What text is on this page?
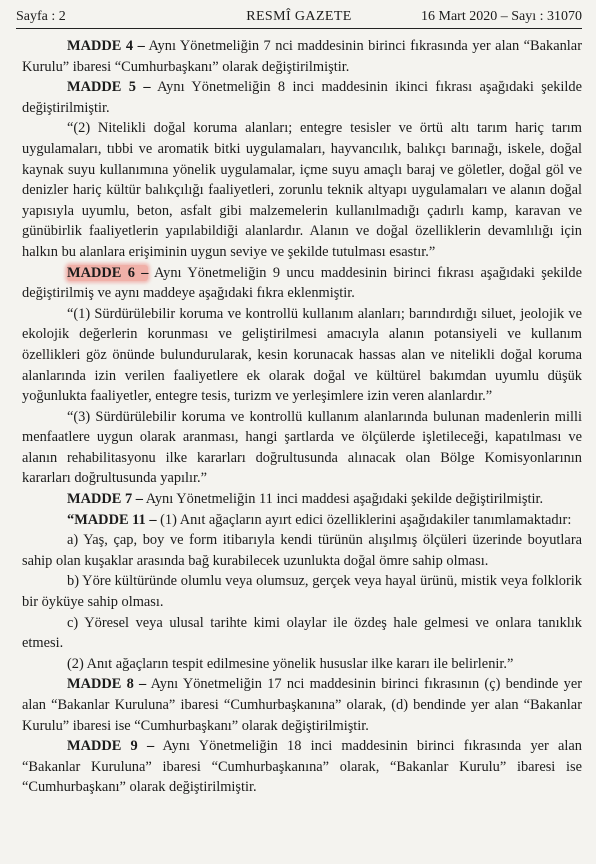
Sayfa : 2	RESMÎ GAZETE	16 Mart 2020 – Sayı : 31070

MADDE 4 – Aynı Yönetmeliğin 7 nci maddesinin birinci fıkrasında yer alan “Bakanlar Kurulu” ibaresi “Cumhurbaşkanı” olarak değiştirilmiştir.

MADDE 5 – Aynı Yönetmeliğin 8 inci maddesinin ikinci fıkrası aşağıdaki şekilde değiştirilmiştir.

“(2) Nitelikli doğal koruma alanları; entegre tesisler ve örtü altı tarım hariç tarım uygulamaları, tıbbi ve aromatik bitki uygulamaları, hayvancılık, balıkçı barınağı, iskele, doğal kaynak suyu kullanımına yönelik uygulamalar, içme suyu amaçlı baraj ve göletler, doğal göl ve denizler hariç kültür balıkçılığı faaliyetleri, zorunlu teknik altyapı uygulamaları ve alanın doğal yapısıyla uyumlu, beton, asfalt gibi malzemelerin kullanılmadığı çadırlı kamp, karavan ve günübirlik faaliyetlerin yapılabildiği alanlardır. Alanın ve doğal özelliklerin devamlılığı için halkın bu alanlara erişiminin uygun seviye ve şekilde tutulması esastır.”

MADDE 6 – Aynı Yönetmeliğin 9 uncu maddesinin birinci fıkrası aşağıdaki şekilde değiştirilmiş ve aynı maddeye aşağıdaki fıkra eklenmiştir.

“(1) Sürdürülebilir koruma ve kontrollü kullanım alanları; barındırdığı siluet, jeolojik ve ekolojik değerlerin korunması ve geliştirilmesi amacıyla alanın potansiyeli ve kullanım özellikleri göz önünde bulundurularak, kesin korunacak hassas alan ve nitelikli doğal koruma alanlarında izin verilen faaliyetlere ek olarak doğal ve kültürel bakımdan uyumlu düşük yoğunlukta faaliyetler, entegre tesis, turizm ve yerleşimlere izin veren alanlardır.”

“(3) Sürdürülebilir koruma ve kontrollü kullanım alanlarında bulunan madenlerin milli menfaatlere uygun olarak aranması, hangi şartlarda ve ölçülerde işletileceği, kapatılması ve alanın rehabilitasyonu ilke kararları doğrultusunda alınacak olan Bölge Komisyonlarının kararları doğrultusunda yapılır.”

MADDE 7 – Aynı Yönetmeliğin 11 inci maddesi aşağıdaki şekilde değiştirilmiştir.

“MADDE 11 – (1) Anıt ağaçların ayırt edici özelliklerini aşağıdakiler tanımlamaktadır:

a) Yaş, çap, boy ve form itibarıyla kendi türünün alışılmış ölçüleri üzerinde boyutlara sahip olan kuşaklar arasında bağ kurabilecek uzunlukta doğal ömre sahip olması.

b) Yöre kültüründe olumlu veya olumsuz, gerçek veya hayal ürünü, mistik veya folklorik bir öyküye sahip olması.

c) Yöresel veya ulusal tarihte kimi olaylar ile özdeş hale gelmesi ve onlara tanıklık etmesi.

(2) Anıt ağaçların tespit edilmesine yönelik hususlar ilke kararı ile belirlenir.”

MADDE 8 – Aynı Yönetmeliğin 17 nci maddesinin birinci fıkrasının (ç) bendinde yer alan “Bakanlar Kuruluna” ibaresi “Cumhurbaşkanına” olarak, (d) bendinde yer alan “Bakanlar Kurulu” ibaresi ise “Cumhurbaşkanı” olarak değiştirilmiştir.

MADDE 9 – Aynı Yönetmeliğin 18 inci maddesinin birinci fıkrasında yer alan “Bakanlar Kuruluna” ibaresi “Cumhurbaşkanına” olarak, “Bakanlar Kurulu” ibaresi ise “Cumhurbaşkanı” olarak değiştirilmiştir.
